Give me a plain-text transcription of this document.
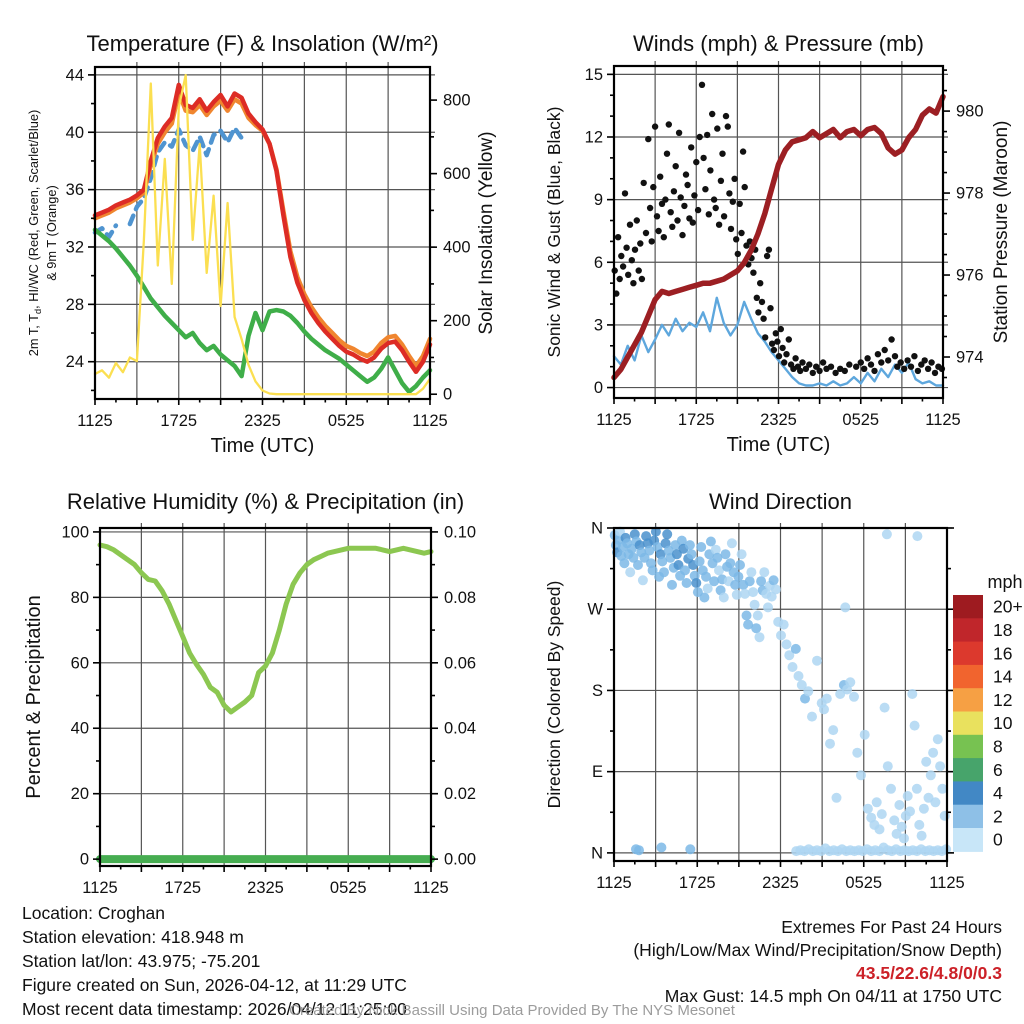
24
28
32
36
40
44
0
200
400
600
800
1125	1725	2325	0525	1125
Temperature (F) & Insolation (W/m²)
Time (UTC)
2m T, $T_d$, HI/WC (Red, Green, Scarlet/Blue) & 9m T (Orange)	Solar Insolation (Yellow)
0
3
6
9
12
15
974
976
978
980
1125	1725	2325	0525	1125
Winds (mph) & Pressure (mb)
Time (UTC)
Sonic Wind & Gust (Blue, Black)	Station Pressure (Maroon)
0
20
40
60
80
100
0.00
0.02
0.04
0.06
0.08
0.10
1125	1725	2325	0525	1125
Relative Humidity (%) & Precipitation (in)
Percent & Precipitation
N
E
S
W
N
1125	1725	2325	0525	1125
Wind Direction
Direction (Colored By Speed)	mph
20+
18
16
14
12
10
8
6
4
2
0
Location: Croghan
Station elevation: 418.948 m
Station lat/lon: 43.975; -75.201
Figure created on Sun, 2026-04-12, at 11:29 UTC
Most recent data timestamp: 2026/04/12 11:25:00
Extremes For Past 24 Hours
(High/Low/Max Wind/Precipitation/Snow Depth)
43.5/22.6/4.8/0/0.3
Max Gust: 14.5 mph On 04/11 at 1750 UTC
Created By Nick Bassill Using Data Provided By The NYS Mesonet
